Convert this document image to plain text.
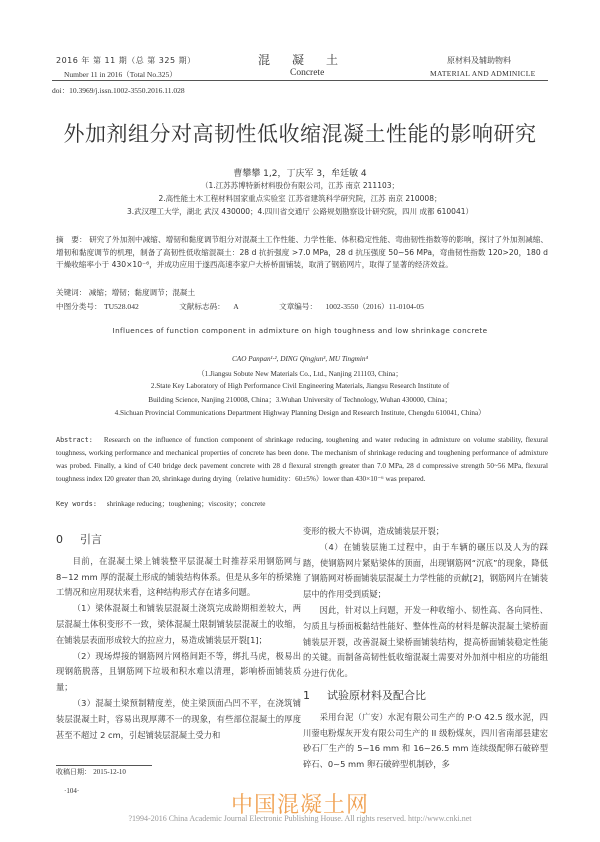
2016 年 第 11 期（总 第 325 期）
Number 11 in 2016（Total No.325）
混凝土
Concrete
原材料及辅助物料
MATERIAL AND ADMINICLE
doi：10.3969/j.issn.1002-3550.2016.11.028
外加剂组分对高韧性低收缩混凝土性能的影响研究
曹攀攀 1,2，丁庆军 3，牟廷敏 4
（1.江苏苏博特新材料股份有限公司，江苏 南京 211103；
2.高性能土木工程材料国家重点实验室 江苏省建筑科学研究院，江苏 南京 210008；
3.武汉理工大学，湖北 武汉 430000；4.四川省交通厅 公路规划勘察设计研究院，四川 成都 610041）
摘　要： 研究了外加剂中减缩、增韧和黏度调节组分对混凝土工作性能、力学性能、体积稳定性能、弯曲韧性指数等的影响，探讨了外加剂减缩、增韧和黏度调节的机理，制备了高韧性低收缩混凝土：28 d 抗折强度 >7.0 MPa，28 d 抗压强度 50~56 MPa，弯曲韧性指数 120>20，180 d 干燥收缩率小于 430×10⁻⁶，并成功应用于遂西高速李家户大桥桥面铺装，取消了钢筋网片，取得了显著的经济效益。
关键词： 减缩；增韧；黏度调节；混凝土
中图分类号： TU528.042	文献标志码： A	文章编号： 1002-3550（2016）11-0104-05
Influences of function component in admixture on high toughness and low shrinkage concrete
CAO Panpan¹·², DING Qingjun³, MU Tingmin⁴
（1.Jiangsu Sobute New Materials Co., Ltd., Nanjing 211103, China；
2.State Key Laboratory of High Performance Civil Engineering Materials, Jiangsu Research Institute of
Building Science, Nanjing 210008, China；3.Wuhan University of Technology, Wuhan 430000, China；
4.Sichuan Provincial Communications Department Highway Planning Design and Research Institute, Chengdu 610041, China）
Abstract: Research on the influence of function component of shrinkage reducing, toughening and water reducing in admixture on volume stability, flexural toughness, working performance and mechanical properties of concrete has been done. The mechanism of shrinkage reducing and toughening performance of admixture was probed. Finally, a kind of C40 bridge deck pavement concrete with 28 d flexural strength greater than 7.0 MPa, 28 d compressive strength 50~56 MPa, flexural toughness index I20 greater than 20, shrinkage during drying（relative humidity：60±5%）lower than 430×10⁻⁶ was prepared.
Key words: shrinkage reducing；toughening；viscosity；concrete
0 引言

目前，在混凝土梁上铺装整平层混凝土时推荐采用钢筋网与 8~12 mm 厚的混凝土形成的铺装结构体系。但是从多年的桥梁施工情况和应用现状来看，这种结构形式存在诸多问题。

（1）梁体混凝土和铺装层混凝土浇筑完成龄期相差较大，两层混凝土体积变形不一致，梁体混凝土限制铺装层混凝土的收缩，在铺装层表面形成较大的拉应力，易造成铺装层开裂[1]；

（2）现场焊接的钢筋网片网格间距不等，绑扎马虎，极易出现钢筋脱落，且钢筋网下垃圾和积水难以清理，影响桥面铺装质量；

（3）混凝土梁预制精度差，使主梁顶面凸凹不平，在浇筑铺装层混凝土时，容易出现厚薄不一的现象，有些部位混凝土的厚度甚至不超过 2 cm，引起铺装层混凝土受力和

变形的极大不协调，造成铺装层开裂；

（4）在铺装层施工过程中，由于车辆的碾压以及人为的踩踏，使钢筋网片紧贴梁体的顶面，出现钢筋网“沉底”的现象，降低了钢筋网对桥面铺装层混凝土力学性能的贡献[2]，钢筋网片在铺装层中的作用受到质疑；

因此，针对以上问题，开发一种收缩小、韧性高、各向同性、匀质且与桥面板黏结性能好、整体性高的材料是解决混凝土梁桥面铺装层开裂，改善混凝土梁桥面铺装结构，提高桥面铺装稳定性能的关键。而制备高韧性低收缩混凝土需要对外加剂中相应的功能组分进行优化。

1 试验原材料及配合比

采用台泥（广安）水泥有限公司生产的 P·O 42.5 级水泥，四川蓥电粉煤灰开发有限公司生产的 II 级粉煤灰，四川省南部县建宏砂石厂生产的 5~16 mm 和 16~26.5 mm 连续级配卵石破碎型碎石、0~5 mm 卵石破碎型机制砂，多

收稿日期： 2015-12-10
·104·
中国混凝土网
?1994-2016 China Academic Journal Electronic Publishing House. All rights reserved. http://www.cnki.net
